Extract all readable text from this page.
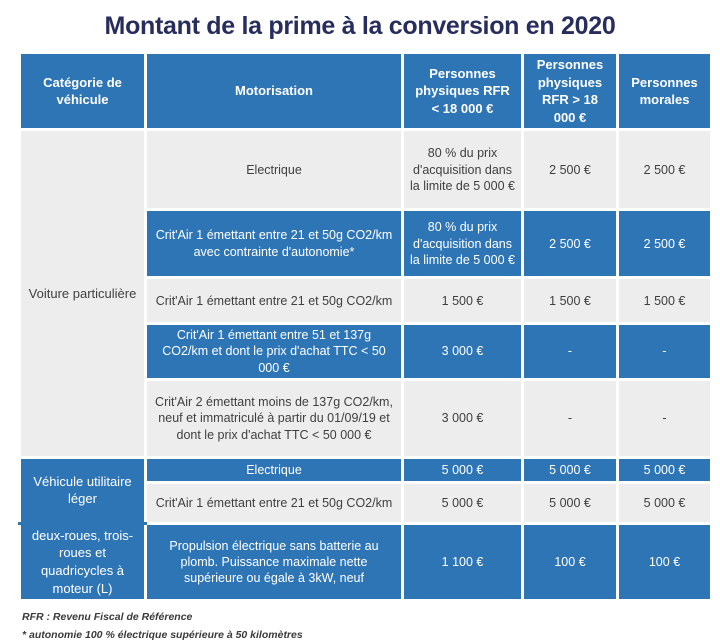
Montant de la prime à la conversion en 2020
Catégorie de véhicule	Motorisation	Personnes physiques RFR < 18 000 €	Personnes physiques RFR > 18 000 €	Personnes morales
Voiture particulière	Electrique	80 % du prix d'acquisition dans la limite de 5 000 €	2 500 €	2 500 €
	Crit'Air 1 émettant entre 21 et 50g CO2/km avec contrainte d'autonomie*	80 % du prix d'acquisition dans la limite de 5 000 €	2 500 €	2 500 €
	Crit'Air 1 émettant entre 21 et 50g CO2/km	1 500 €	1 500 €	1 500 €
	Crit'Air 1 émettant entre 51 et 137g CO2/km et dont le prix d'achat TTC < 50 000 €	3 000 €	-	-
	Crit'Air 2 émettant moins de 137g CO2/km, neuf et immatriculé à partir du 01/09/19 et dont le prix d'achat TTC < 50 000 €	3 000 €	-	-
Véhicule utilitaire léger	Electrique	5 000 €	5 000 €	5 000 €
	Crit'Air 1 émettant entre 21 et 50g CO2/km	5 000 €	5 000 €	5 000 €
deux-roues, trois-roues et quadricycles à moteur (L)	Propulsion électrique sans batterie au plomb. Puissance maximale nette supérieure ou égale à 3kW, neuf	1 100 €	100 €	100 €

RFR : Revenu Fiscal de Référence

* autonomie 100 % électrique supérieure à 50 kilomètres
